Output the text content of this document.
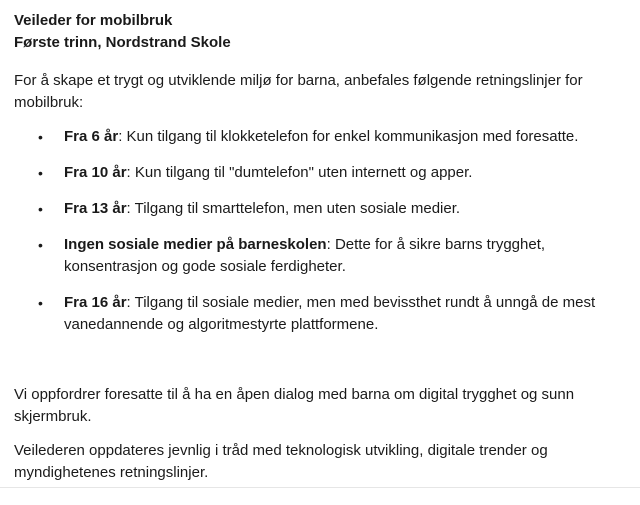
Veileder for mobilbruk

Første trinn, Nordstrand Skole

For å skape et trygt og utviklende miljø for barna, anbefales følgende retningslinjer for mobilbruk:

• Fra 6 år: Kun tilgang til klokketelefon for enkel kommunikasjon med foresatte.
• Fra 10 år: Kun tilgang til "dumtelefon" uten internett og apper.
• Fra 13 år: Tilgang til smarttelefon, men uten sosiale medier.
• Ingen sosiale medier på barneskolen: Dette for å sikre barns trygghet, konsentrasjon og gode sosiale ferdigheter.
• Fra 16 år: Tilgang til sosiale medier, men med bevissthet rundt å unngå de mest vanedannende og algoritmestyrte plattformene.

Vi oppfordrer foresatte til å ha en åpen dialog med barna om digital trygghet og sunn skjermbruk.

Veilederen oppdateres jevnlig i tråd med teknologisk utvikling, digitale trender og myndighetenes retningslinjer.
